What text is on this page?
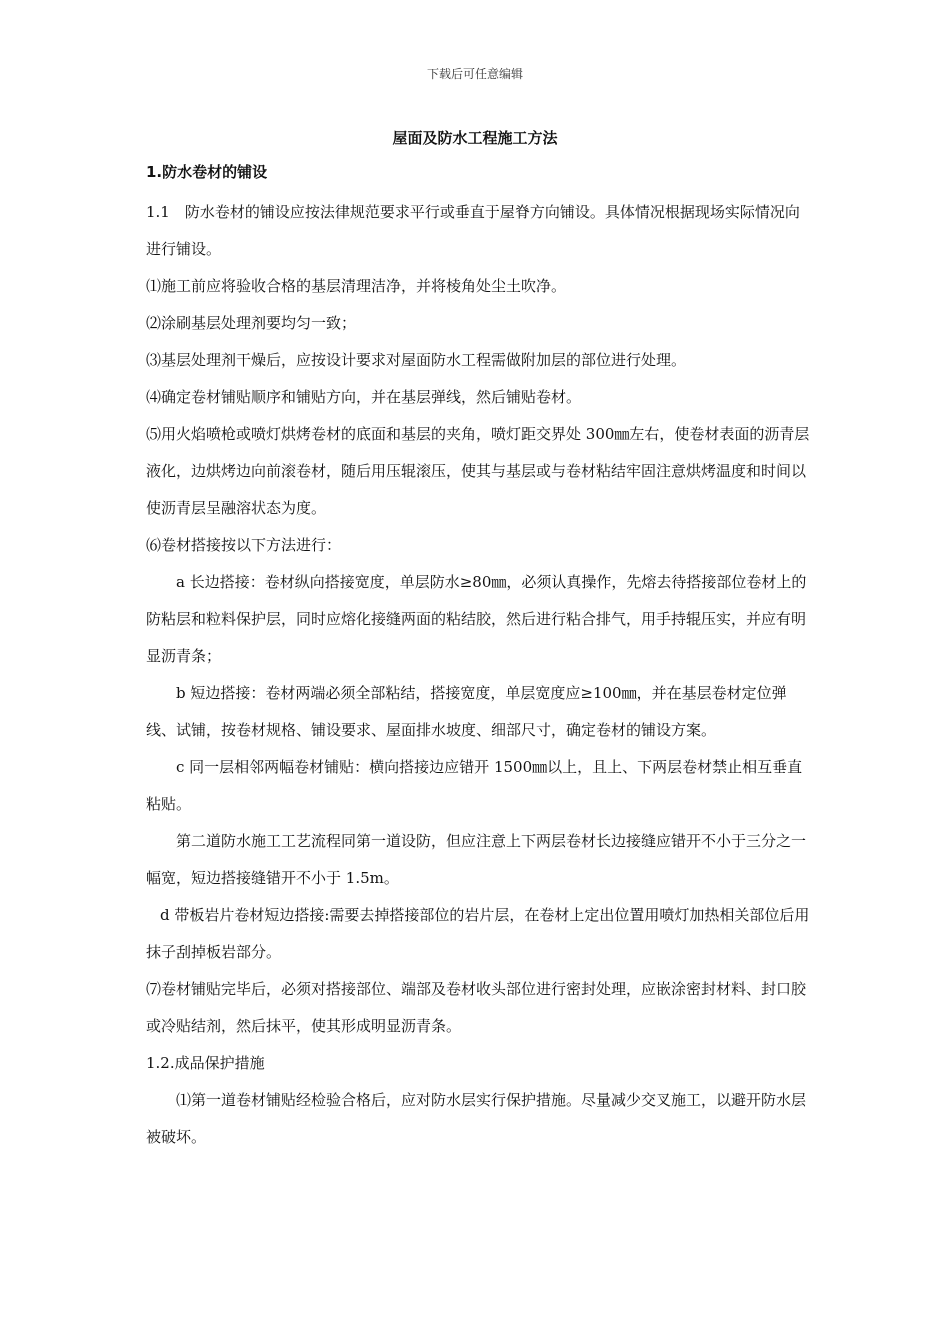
下载后可任意编辑
屋面及防水工程施工方法

1.防水卷材的铺设

1.1　防水卷材的铺设应按法律规范要求平行或垂直于屋脊方向铺设。具体情况根据现场实际情况向进行铺设。

⑴施工前应将验收合格的基层清理洁净，并将棱角处尘土吹净。

⑵涂刷基层处理剂要均匀一致；

⑶基层处理剂干燥后，应按设计要求对屋面防水工程需做附加层的部位进行处理。

⑷确定卷材铺贴顺序和铺贴方向，并在基层弹线，然后铺贴卷材。

⑸用火焰喷枪或喷灯烘烤卷材的底面和基层的夹角，喷灯距交界处 300㎜左右，使卷材表面的沥青层液化，边烘烤边向前滚卷材，随后用压辊滚压，使其与基层或与卷材粘结牢固注意烘烤温度和时间以使沥青层呈融溶状态为度。

⑹卷材搭接按以下方法进行：

a 长边搭接：卷材纵向搭接宽度，单层防水≥80㎜，必须认真操作，先熔去待搭接部位卷材上的防粘层和粒料保护层，同时应熔化接缝两面的粘结胶，然后进行粘合排气，用手持辊压实，并应有明显沥青条；

b 短边搭接：卷材两端必须全部粘结，搭接宽度，单层宽度应≥100㎜，并在基层卷材定位弹线、试铺，按卷材规格、铺设要求、屋面排水坡度、细部尺寸，确定卷材的铺设方案。

c 同一层相邻两幅卷材铺贴：横向搭接边应错开 1500㎜以上，且上、下两层卷材禁止相互垂直粘贴。

第二道防水施工工艺流程同第一道设防，但应注意上下两层卷材长边接缝应错开不小于三分之一幅宽，短边搭接缝错开不小于 1.5m。

d 带板岩片卷材短边搭接:需要去掉搭接部位的岩片层，在卷材上定出位置用喷灯加热相关部位后用抹子刮掉板岩部分。

⑺卷材铺贴完毕后，必须对搭接部位、端部及卷材收头部位进行密封处理，应嵌涂密封材料、封口胶或冷贴结剂，然后抹平，使其形成明显沥青条。

1.2.成品保护措施

⑴第一道卷材铺贴经检验合格后，应对防水层实行保护措施。尽量减少交叉施工，以避开防水层被破坏。
